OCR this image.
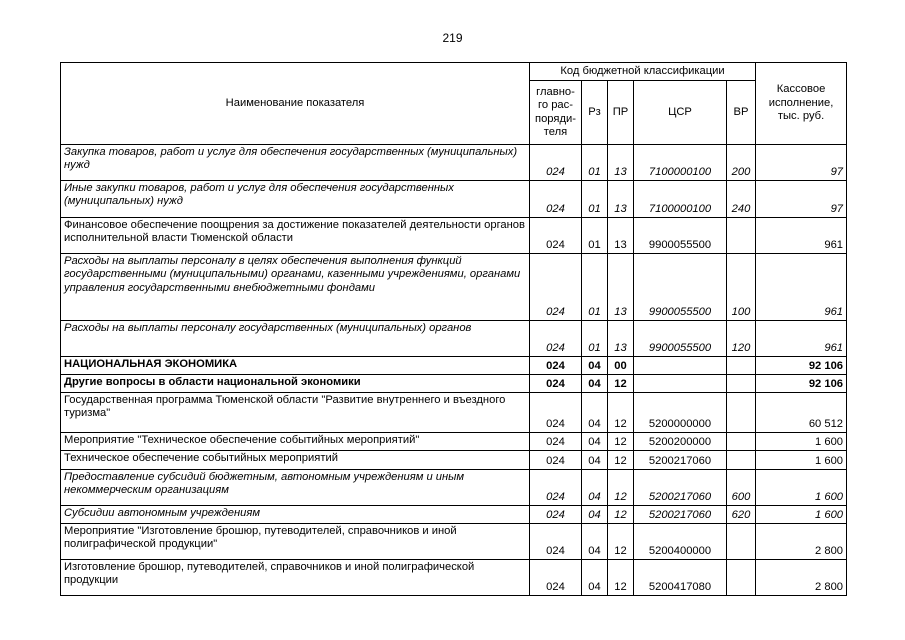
219
Наименование показателя	Код бюджетной классификации					Кассовое
исполнение,
тыс. руб.
	главно-
го рас-
поряди-
теля	Рз	ПР	ЦСР	ВР	
Закупка товаров, работ и услуг для обеспечения государственных (муниципальных) нужд	024	01	13	7100000100	200	97
Иные закупки товаров, работ и услуг для обеспечения государственных (муниципальных) нужд	024	01	13	7100000100	240	97
Финансовое обеспечение поощрения за достижение показателей деятельности органов исполнительной власти Тюменской области	024	01	13	9900055500		961
Расходы на выплаты персоналу в целях обеспечения выполнения функций государственными (муниципальными) органами, казенными учреждениями, органами управления государственными внебюджетными фондами	024	01	13	9900055500	100	961
Расходы на выплаты персоналу государственных (муниципальных) органов	024	01	13	9900055500	120	961
НАЦИОНАЛЬНАЯ ЭКОНОМИКА	024	04	00			92 106
Другие вопросы в области национальной экономики	024	04	12			92 106
Государственная программа Тюменской области "Развитие внутреннего и въездного туризма"	024	04	12	5200000000		60 512
Мероприятие "Техническое обеспечение событийных мероприятий"	024	04	12	5200200000		1 600
Техническое обеспечение событийных мероприятий	024	04	12	5200217060		1 600
Предоставление субсидий бюджетным, автономным учреждениям и иным некоммерческим организациям	024	04	12	5200217060	600	1 600
Субсидии автономным учреждениям	024	04	12	5200217060	620	1 600
Мероприятие "Изготовление брошюр, путеводителей, справочников и иной полиграфической продукции"	024	04	12	5200400000		2 800
Изготовление брошюр, путеводителей, справочников и иной полиграфической продукции	024	04	12	5200417080		2 800
